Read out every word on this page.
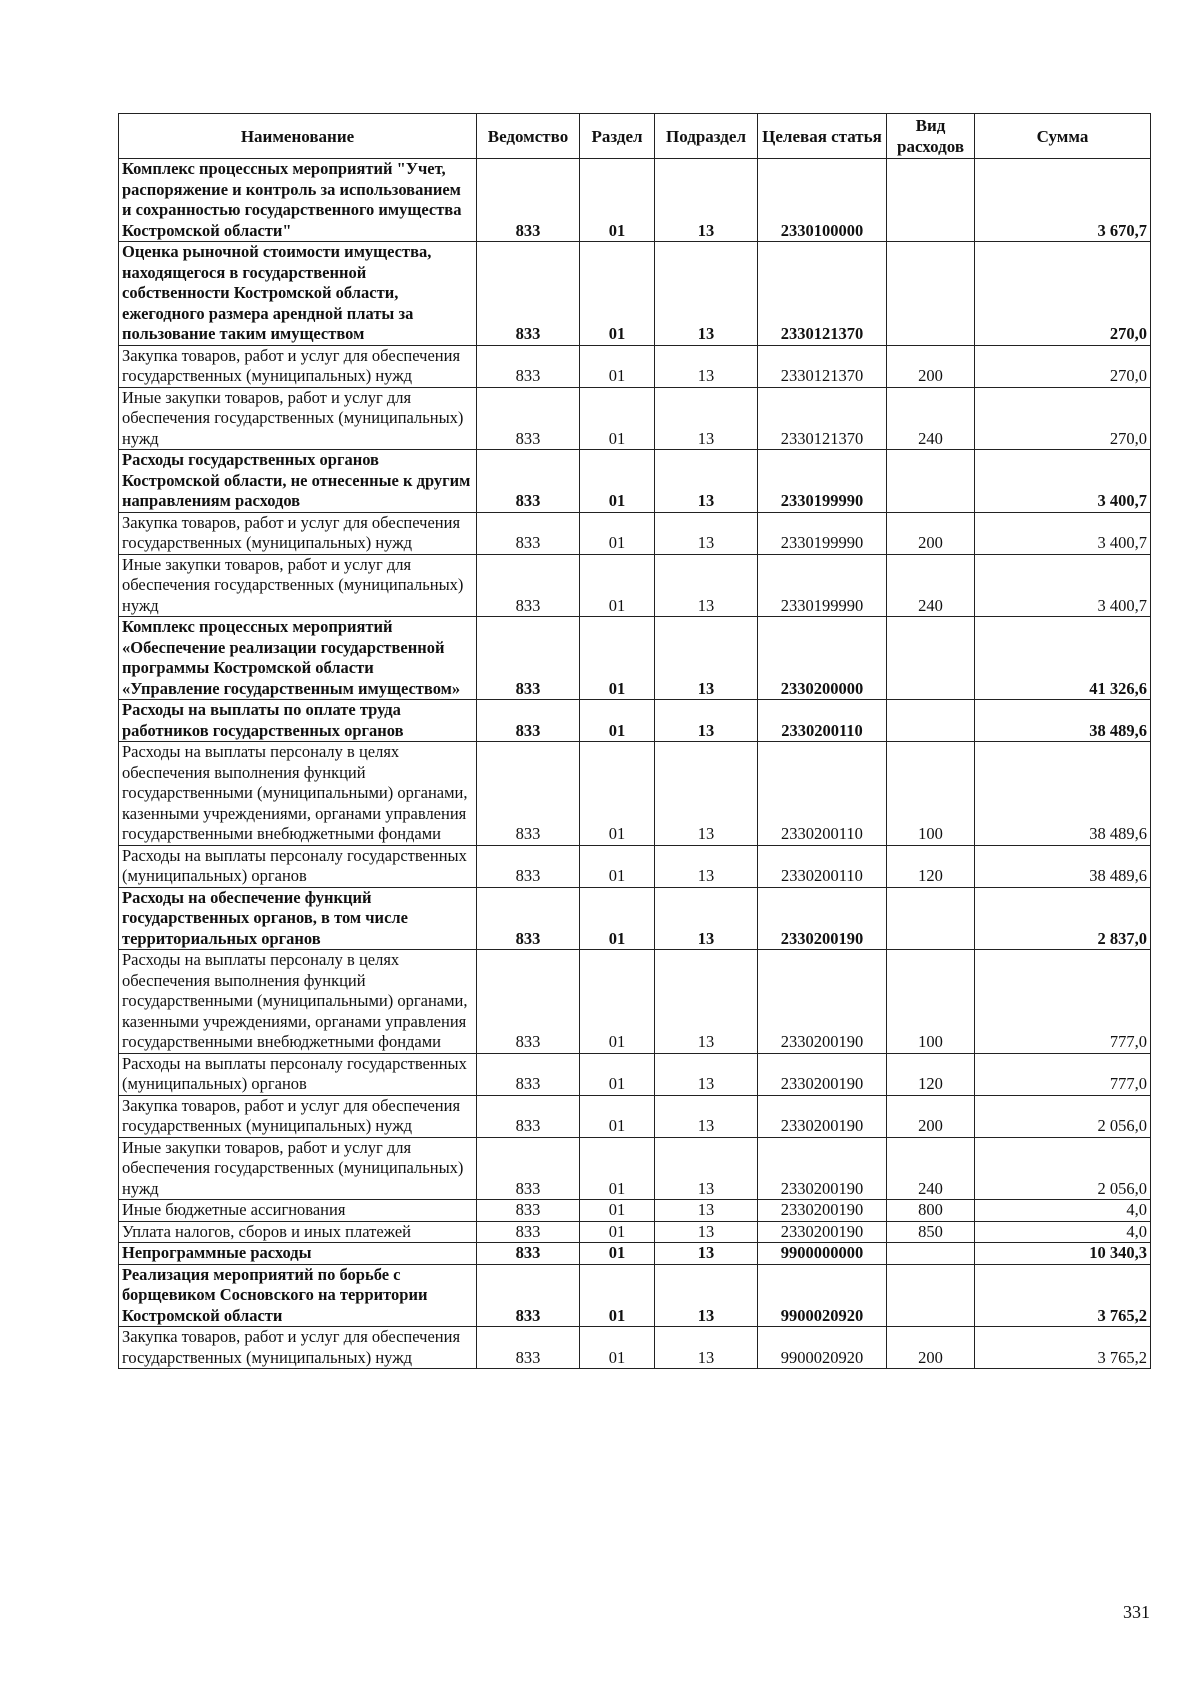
Наименование	Ведомство	Раздел	Подраздел	Целевая статья	Вид расходов	Сумма
Комплекс процессных мероприятий "Учет, распоряжение и контроль за использованием и сохранностью государственного имущества Костромской области"	833	01	13	2330100000		3 670,7
Оценка рыночной стоимости имущества, находящегося в государственной собственности Костромской области, ежегодного размера арендной платы за пользование таким имуществом	833	01	13	2330121370		270,0
Закупка товаров, работ и услуг для обеспечения государственных (муниципальных) нужд	833	01	13	2330121370	200	270,0
Иные закупки товаров, работ и услуг для обеспечения государственных (муниципальных) нужд	833	01	13	2330121370	240	270,0
Расходы государственных органов Костромской области, не отнесенные к другим направлениям расходов	833	01	13	2330199990		3 400,7
Закупка товаров, работ и услуг для обеспечения государственных (муниципальных) нужд	833	01	13	2330199990	200	3 400,7
Иные закупки товаров, работ и услуг для обеспечения государственных (муниципальных) нужд	833	01	13	2330199990	240	3 400,7
Комплекс процессных мероприятий «Обеспечение реализации государственной программы Костромской области «Управление государственным имуществом»	833	01	13	2330200000		41 326,6
Расходы на выплаты по оплате труда работников государственных органов	833	01	13	2330200110		38 489,6
Расходы на выплаты персоналу в целях обеспечения выполнения функций государственными (муниципальными) органами, казенными учреждениями, органами управления государственными внебюджетными фондами	833	01	13	2330200110	100	38 489,6
Расходы на выплаты персоналу государственных (муниципальных) органов	833	01	13	2330200110	120	38 489,6
Расходы на обеспечение функций государственных органов, в том числе территориальных органов	833	01	13	2330200190		2 837,0
Расходы на выплаты персоналу в целях обеспечения выполнения функций государственными (муниципальными) органами, казенными учреждениями, органами управления государственными внебюджетными фондами	833	01	13	2330200190	100	777,0
Расходы на выплаты персоналу государственных (муниципальных) органов	833	01	13	2330200190	120	777,0
Закупка товаров, работ и услуг для обеспечения государственных (муниципальных) нужд	833	01	13	2330200190	200	2 056,0
Иные закупки товаров, работ и услуг для обеспечения государственных (муниципальных) нужд	833	01	13	2330200190	240	2 056,0
Иные бюджетные ассигнования	833	01	13	2330200190	800	4,0
Уплата налогов, сборов и иных платежей	833	01	13	2330200190	850	4,0
Непрограммные расходы	833	01	13	9900000000		10 340,3
Реализация мероприятий по борьбе с борщевиком Сосновского на территории Костромской области	833	01	13	9900020920		3 765,2
Закупка товаров, работ и услуг для обеспечения государственных (муниципальных) нужд	833	01	13	9900020920	200	3 765,2
331
